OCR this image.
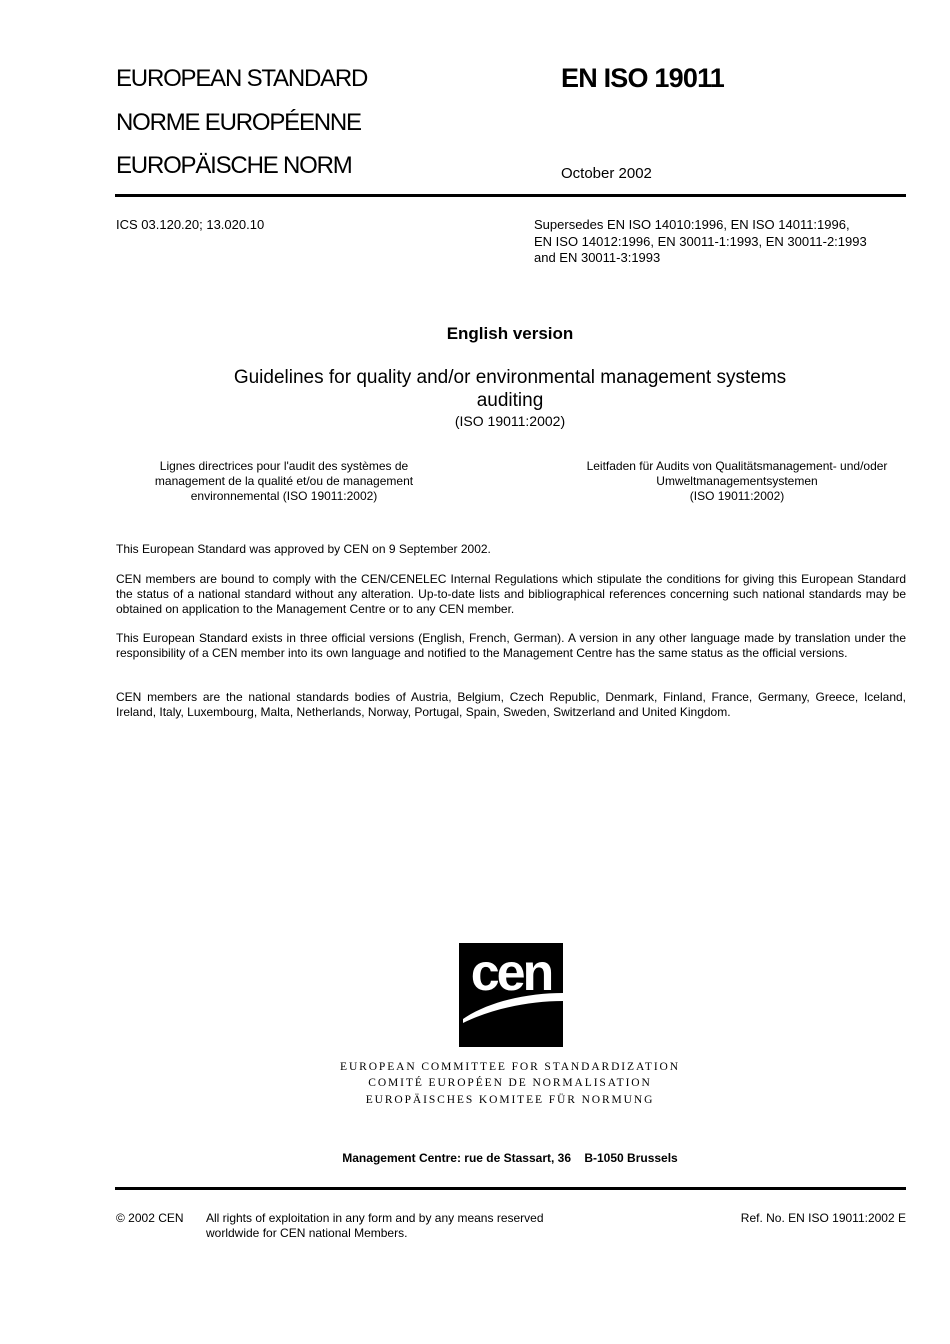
EUROPEAN STANDARD
NORME EUROPÉENNE
EUROPÄISCHE NORM
EN ISO 19011
October 2002
ICS 03.120.20; 13.020.10	Supersedes EN ISO 14010:1996, EN ISO 14011:1996,
EN ISO 14012:1996, EN 30011-1:1993, EN 30011-2:1993
and EN 30011-3:1993
English version
Guidelines for quality and/or environmental management systems
auditing
(ISO 19011:2002)
Lignes directrices pour l'audit des systèmes de
management de la qualité et/ou de management
environnemental (ISO 19011:2002)
Leitfaden für Audits von Qualitätsmanagement- und/oder
Umweltmanagementsystemen
(ISO 19011:2002)
This European Standard was approved by CEN on 9 September 2002.
CEN members are bound to comply with the CEN/CENELEC Internal Regulations which stipulate the conditions for giving this European Standard the status of a national standard without any alteration. Up-to-date lists and bibliographical references concerning such national standards may be obtained on application to the Management Centre or to any CEN member.
This European Standard exists in three official versions (English, French, German). A version in any other language made by translation under the responsibility of a CEN member into its own language and notified to the Management Centre has the same status as the official versions.
CEN members are the national standards bodies of Austria, Belgium, Czech Republic, Denmark, Finland, France, Germany, Greece, Iceland, Ireland, Italy, Luxembourg, Malta, Netherlands, Norway, Portugal, Spain, Sweden, Switzerland and United Kingdom.
cen
EUROPEAN COMMITTEE FOR STANDARDIZATION
COMITÉ EUROPÉEN DE NORMALISATION
EUROPÄISCHES KOMITEE FÜR NORMUNG
Management Centre: rue de Stassart, 36    B-1050 Brussels
© 2002 CEN All rights of exploitation in any form and by any means reserved
worldwide for CEN national Members.
Ref. No. EN ISO 19011:2002 E
